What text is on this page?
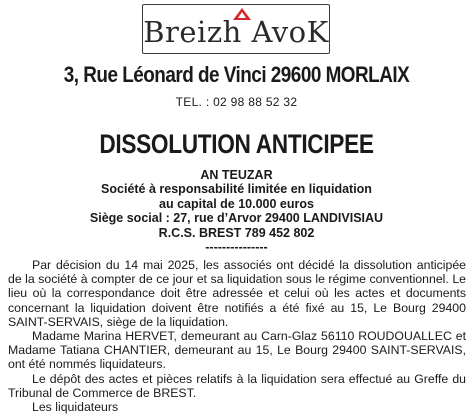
Breizh AvoK
3, Rue Léonard de Vinci 29600 MORLAIX
TEL. : 02 98 88 52 32
DISSOLUTION ANTICIPEE
AN TEUZAR
Société à responsabilité limitée en liquidation
au capital de 10.000 euros
Siège social : 27, rue d’Arvor 29400 LANDIVISIAU
R.C.S. BREST 789 452 802
---------------

Par décision du 14 mai 2025, les associés ont décidé la dissolution anticipée de la société à compter de ce jour et sa liquidation sous le régime conventionnel. Le lieu où la correspondance doit être adressée et celui où les actes et documents concernant la liquidation doivent être notifiés a été fixé au 15, Le Bourg 29400 SAINT-SERVAIS, siège de la liquidation.

Madame Marina HERVET, demeurant au Carn-Glaz 56110 ROUDOUALLEC et Madame Tatiana CHANTIER, demeurant au 15, Le Bourg 29400 SAINT-SERVAIS, ont été nommés liquidateurs.

Le dépôt des actes et pièces relatifs à la liquidation sera effectué au Greffe du Tribunal de Commerce de BREST.

Les liquidateurs
